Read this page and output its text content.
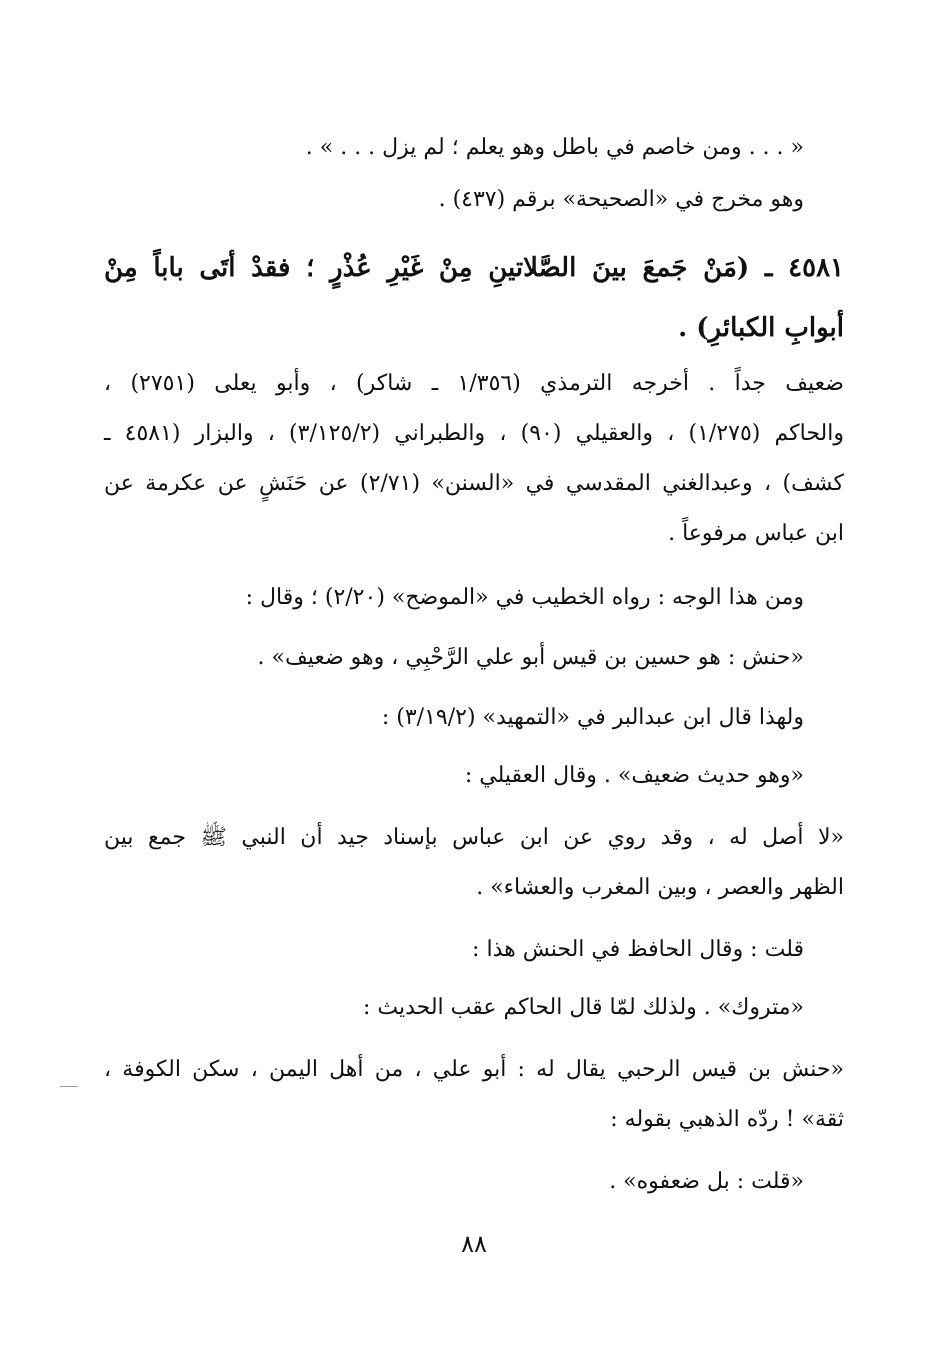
« . . . ومن خاصم في باطل وهو يعلم ؛ لم يزل . . . » .
وهو مخرج في «الصحيحة» برقم (٤٣٧) .
٤٥٨١ ـ (مَنْ جَمعَ بينَ الصَّلاتينِ مِنْ غَيْرِ عُذْرٍ ؛ فقدْ أتَى باباً مِنْ
أبوابِ الكبائرِ) .
ضعيف جداً . أخرجه الترمذي (١/٣٥٦ ـ شاكر) ، وأبو يعلى (٢٧٥١) ،
والحاكم (١/٢٧٥) ، والعقيلي (٩٠) ، والطبراني (٣/١٢٥/٢) ، والبزار (٤٥٨١ ـ
كشف) ، وعبدالغني المقدسي في «السنن» (٢/٧١) عن حَنَشٍ عن عكرمة عن
ابن عباس مرفوعاً .
ومن هذا الوجه : رواه الخطيب في «الموضح» (٢/٢٠) ؛ وقال :
«حنش : هو حسين بن قيس أبو علي الرَّحْبِي ، وهو ضعيف» .
ولهذا قال ابن عبدالبر في «التمهيد» (٣/١٩/٢) :
«وهو حديث ضعيف» . وقال العقيلي :
«لا أصل له ، وقد روي عن ابن عباس بإسناد جيد أن النبي ﷺ جمع بين
الظهر والعصر ، وبين المغرب والعشاء» .
قلت : وقال الحافظ في الحنش هذا :
«متروك» . ولذلك لمّا قال الحاكم عقب الحديث :
«حنش بن قيس الرحبي يقال له : أبو علي ، من أهل اليمن ، سكن الكوفة ،
ثقة» ! ردّه الذهبي بقوله :
«قلت : بل ضعفوه» .
٨٨
